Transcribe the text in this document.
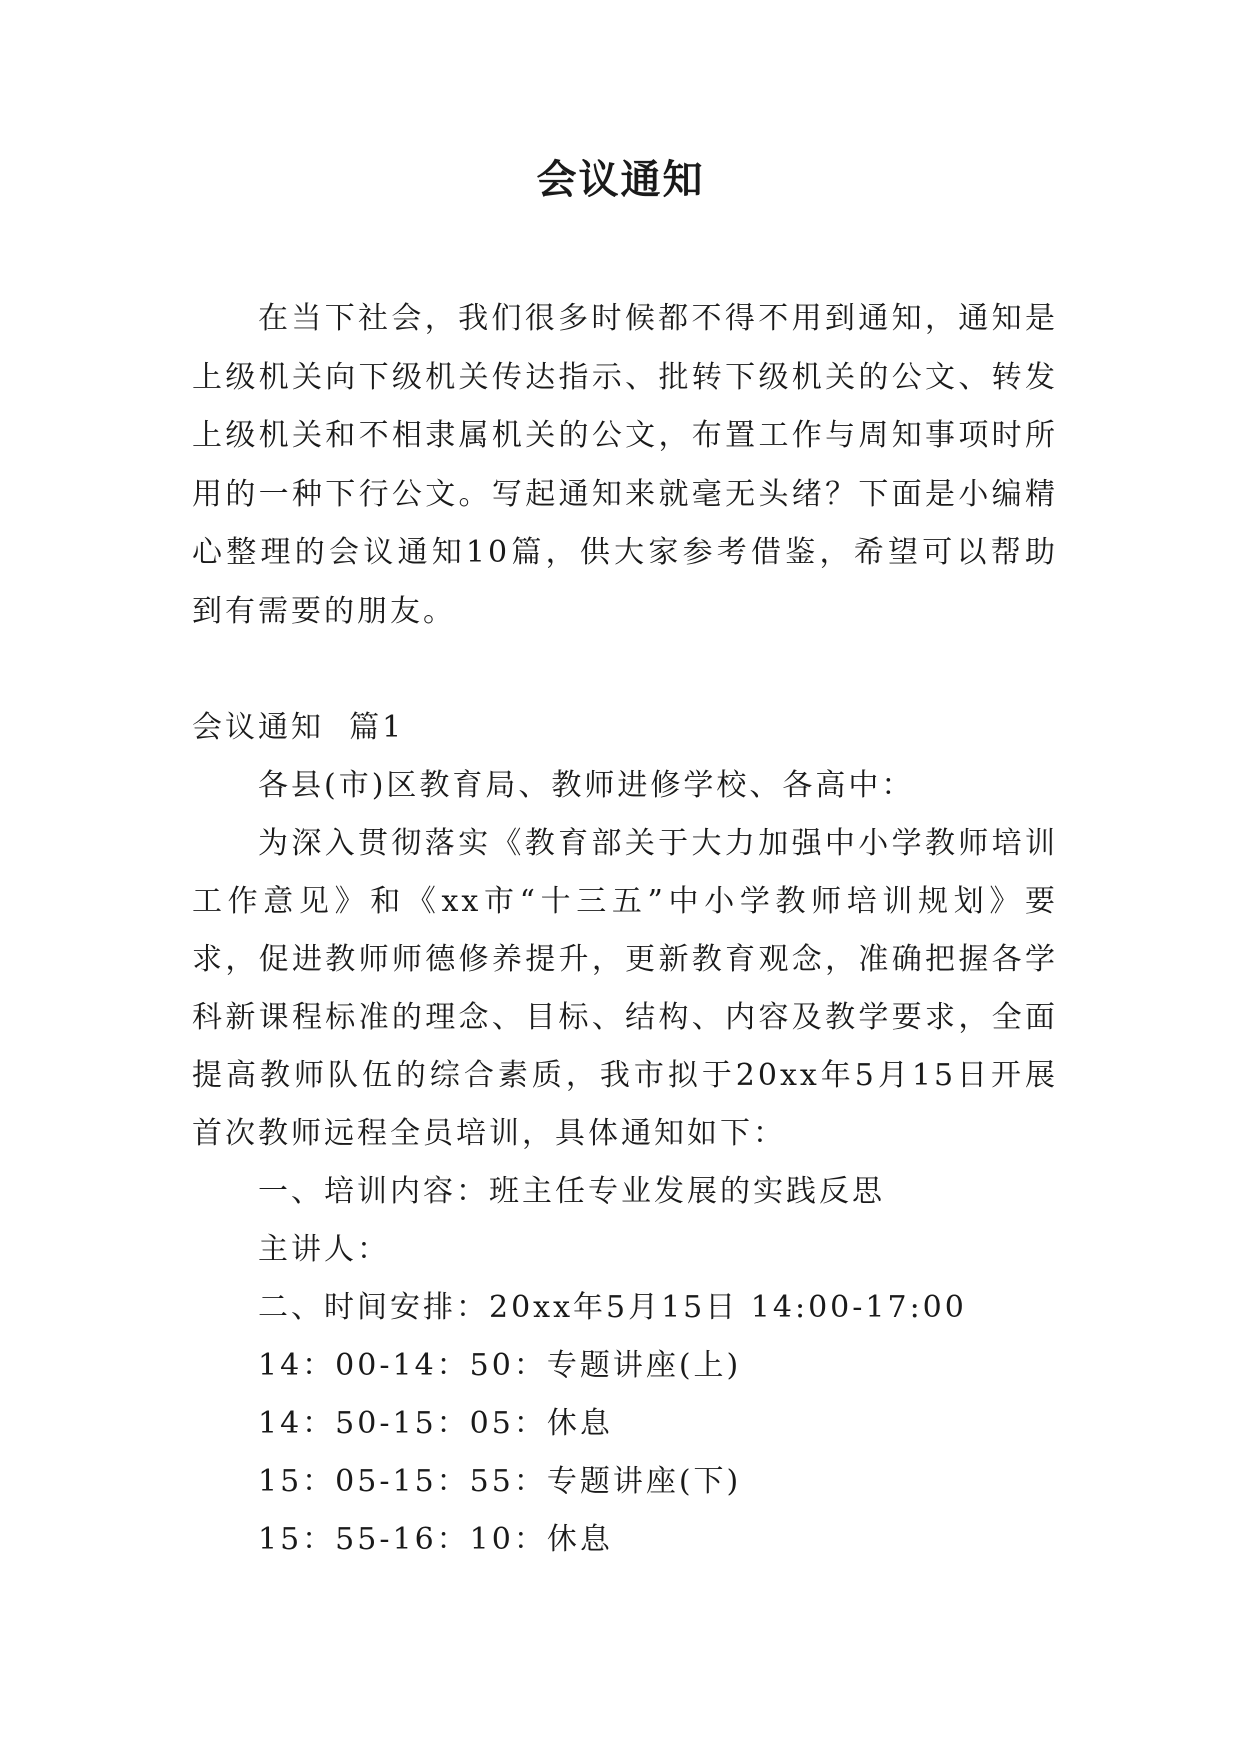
会议通知

在当下社会，我们很多时候都不得不用到通知，通知是上级机关向下级机关传达指示、批转下级机关的公文、转发上级机关和不相隶属机关的公文，布置工作与周知事项时所用的一种下行公文。写起通知来就毫无头绪？下面是小编精心整理的会议通知10篇，供大家参考借鉴，希望可以帮助到有需要的朋友。

会议通知  篇1

各县(市)区教育局、教师进修学校、各高中：

为深入贯彻落实《教育部关于大力加强中小学教师培训工作意见》和《xx市“十三五”中小学教师培训规划》要求，促进教师师德修养提升，更新教育观念，准确把握各学科新课程标准的理念、目标、结构、内容及教学要求，全面提高教师队伍的综合素质，我市拟于20xx年5月15日开展首次教师远程全员培训，具体通知如下：

一、培训内容：班主任专业发展的实践反思

主讲人：

二、时间安排：20xx年5月15日 14:00-17:00

14：00-14：50：专题讲座(上)

14：50-15：05：休息

15：05-15：55：专题讲座(下)

15：55-16：10：休息
